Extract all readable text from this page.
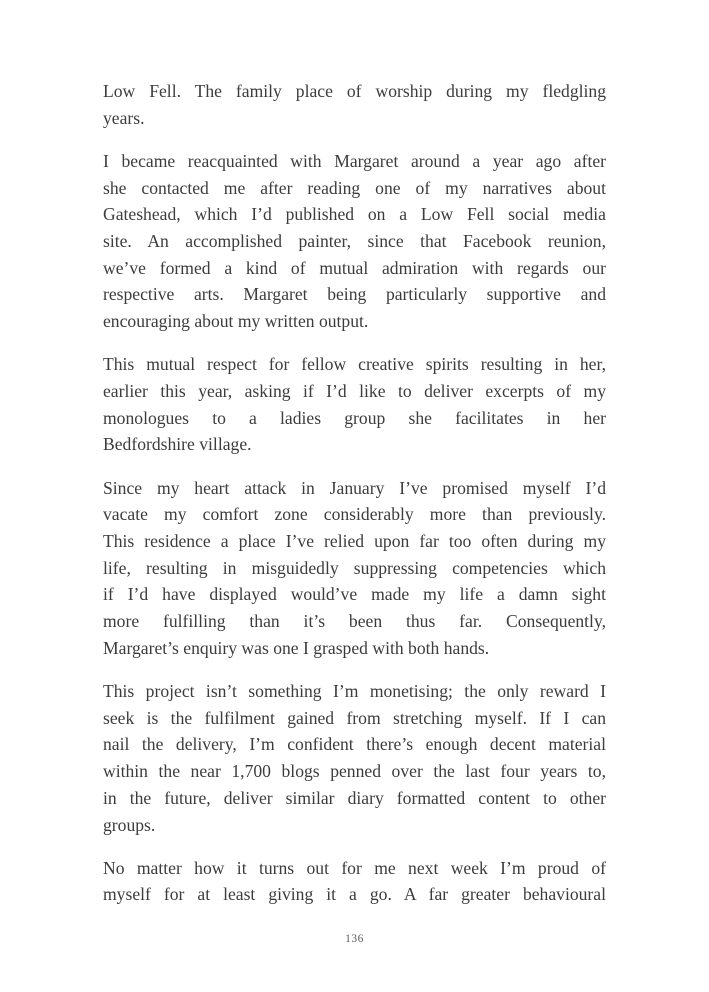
Low Fell. The family place of worship during my fledgling
years.

I became reacquainted with Margaret around a year ago after
she contacted me after reading one of my narratives about
Gateshead, which I’d published on a Low Fell social media
site. An accomplished painter, since that Facebook reunion,
we’ve formed a kind of mutual admiration with regards our
respective arts. Margaret being particularly supportive and
encouraging about my written output.

This mutual respect for fellow creative spirits resulting in her,
earlier this year, asking if I’d like to deliver excerpts of my
monologues to a ladies group she facilitates in her
Bedfordshire village.

Since my heart attack in January I’ve promised myself I’d
vacate my comfort zone considerably more than previously.
This residence a place I’ve relied upon far too often during my
life, resulting in misguidedly suppressing competencies which
if I’d have displayed would’ve made my life a damn sight
more fulfilling than it’s been thus far. Consequently,
Margaret’s enquiry was one I grasped with both hands.

This project isn’t something I’m monetising; the only reward I
seek is the fulfilment gained from stretching myself. If I can
nail the delivery, I’m confident there’s enough decent material
within the near 1,700 blogs penned over the last four years to,
in the future, deliver similar diary formatted content to other
groups.

No matter how it turns out for me next week I’m proud of
myself for at least giving it a go. A far greater behavioural

136
